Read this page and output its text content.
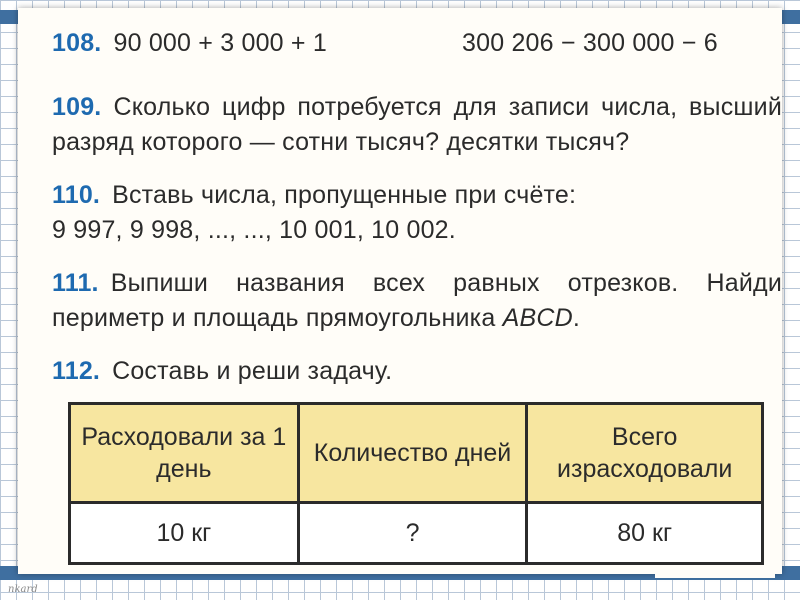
108. 90 000 + 3 000 + 1	300 206 − 300 000 − 6
109. Сколько цифр потребуется для записи числа, высший разряд которого — сотни тысяч? десятки тысяч?
110. Вставь числа, пропущенные при счёте:
9 997, 9 998, ..., ..., 10 001, 10 002.
111. Выпиши названия всех равных отрезков. Найди периметр и площадь прямоугольника ABCD.
112. Составь и реши задачу.
Расходовали за 1 день	Количество дней	Всего израсходовали
10 кг	?	80 кг
nkard
